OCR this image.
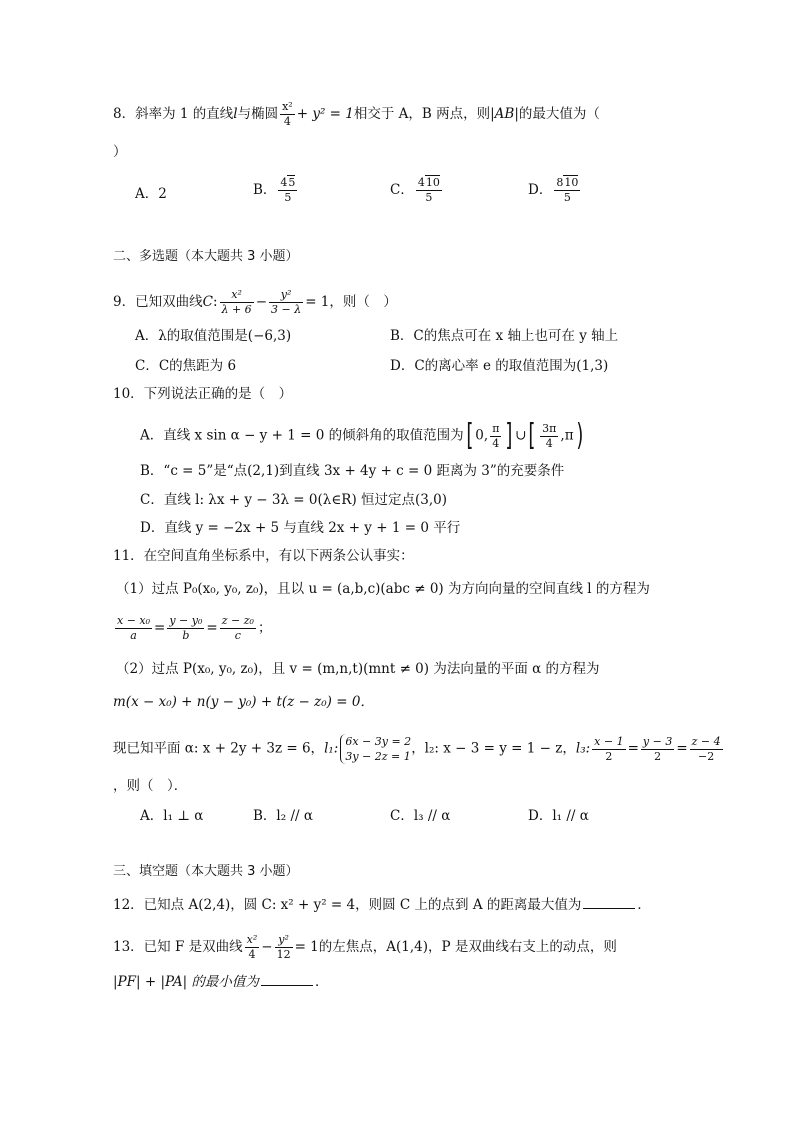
8．斜率为 1 的直线l与椭圆 $\frac{\text{x²}}{4} + y^2 = 1$相交于 A，B 两点，则|AB|的最大值为（
）
A．2	B． $\frac{45}{5}$	C． $\frac{410}{5}$	D． $\frac{810}{5}$
二、多选题（本大题共 3 小题）
9．已知双曲线C: $\frac{\text{x²}}{\lambda + 6} - \frac{\text{y²}}{3 - \lambda} = 1$，则（　）
A．λ的取值范围是(−6,3)	B．C的焦点可在 x 轴上也可在 y 轴上
C．C的焦距为 6	D．C的离心率 e 的取值范围为(1,3)
10．下列说法正确的是（　）
A．直线 x sin α − y + 1 = 0 的倾斜角的取值范围为[ 0, $\frac{\pi}{4}$ ] ∪[ $\frac{3\pi}{4} ,\pi$)
B．“c = 5”是“点(2,1)到直线 3x + 4y + c = 0 距离为 3”的充要条件
C．直线 l: λx + y − 3λ = 0(λ∈R) 恒过定点(3,0)
D．直线 y = −2x + 5 与直线 2x + y + 1 = 0 平行
11．在空间直角坐标系中，有以下两条公认事实：
（1）过点 P₀(x₀, y₀, z₀)，且以 u = (a,b,c)(abc ≠ 0) 为方向向量的空间直线 l 的方程为
$\frac{\text{x − x₀}}{a} = \frac{\text{y − y₀}}{b} = \frac{\text{z − z₀}}{c}$ ；
（2）过点 P(x₀, y₀, z₀)，且 v = (m,n,t)(mnt ≠ 0) 为法向量的平面 α 的方程为
m(x − x₀) + n(y − y₀) + t(z − z₀) = 0．
现已知平面 α: x + 2y + 3z = 6，l₁: 6x − 3y = 2
3y − 2z = 1 ，l₂: x − 3 = y = 1 − z，l₃: $\frac{x - 1}{2} = \frac{y - 3}{2} = \frac{z - 4}{-2}$
，则（　）．
A．l₁ ⊥ α	B．l₂ // α	C．l₃ // α	D．l₁ // α
三、填空题（本大题共 3 小题）
12．已知点 A(2,4)，圆 C: x² + y² = 4，则圆 C 上的点到 A 的距离最大值为	．
13．已知 F 是双曲线 $\frac{\text{x²}}{4} - \frac{\text{y²}}{12} = 1$的左焦点，A(1,4)，P 是双曲线右支上的动点，则
|PF| + |PA| 的最小值为	．
